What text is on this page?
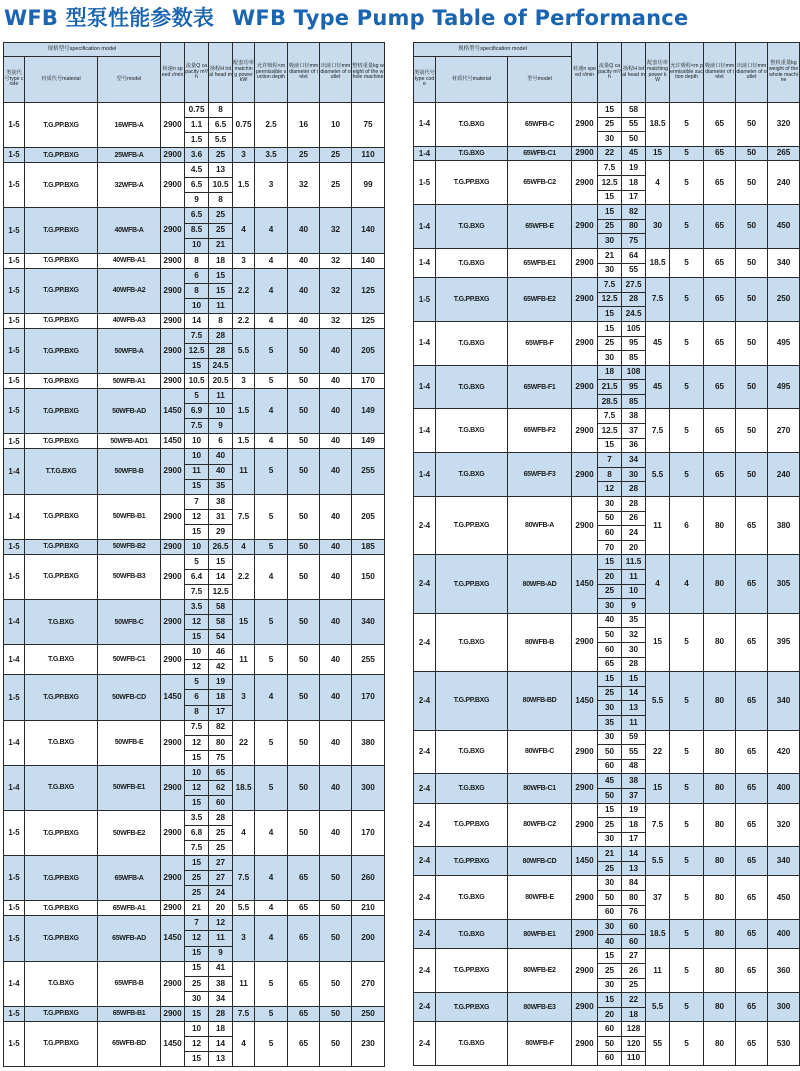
WFB 型泵性能参数表 WFB Type Pump Table of Performance
规格型号specification model			转速n speed r/min	流量Q capacity m³/h	扬程H total head m	配套功率matching power kW	允许吸程<m permissible suction depth	吸液口径mm diameter of inlet	出液口径mm diameter of outlet	整机重量kg weight of the whole machine
类别代号type code	材质代号material	型号model								
1-5	T.G.PP.BXG	16WFB-A	2900	0.75	8	0.75	2.5	16	10	75
				1.1	6.5					
				1.5	5.5					
1-5	T.G.PP.BXG	25WFB-A	2900	3.6	25	3	3.5	25	25	110
1-5	T.G.PP.BXG	32WFB-A	2900	4.5	13	1.5	3	32	25	99
				6.5	10.5					
				9	8					
1-5	T.G.PP.BXG	40WFB-A	2900	6.5	25	4	4	40	32	140
				8.5	25					
				10	21					
1-5	T.G.PP.BXG	40WFB-A1	2900	8	18	3	4	40	32	140
1-5	T.G.PP.BXG	40WFB-A2	2900	6	15	2.2	4	40	32	125
				8	15					
				10	11					
1-5	T.G.PP.BXG	40WFB-A3	2900	14	8	2.2	4	40	32	125
1-5	T.G.PP.BXG	50WFB-A	2900	7.5	28	5.5	5	50	40	205
				12.5	28					
				15	24.5					
1-5	T.G.PP.BXG	50WFB-A1	2900	10.5	20.5	3	5	50	40	170
1-5	T.G.PP.BXG	50WFB-AD	1450	5	11	1.5	4	50	40	149
				6.9	10					
				7.5	9					
1-5	T.G.PP.BXG	50WFB-AD1	1450	10	6	1.5	4	50	40	149
1-4	T.T.G.BXG	50WFB-B	2900	10	40	11	5	50	40	255
				11	40					
				15	35					
1-4	T.G.PP.BXG	50WFB-B1	2900	7	38	7.5	5	50	40	205
				12	31					
				15	29					
1-5	T.G.PP.BXG	50WFB-B2	2900	10	26.5	4	5	50	40	185
1-5	T.G.PP.BXG	50WFB-B3	2900	5	15	2.2	4	50	40	150
				6.4	14					
				7.5	12.5					
1-4	T.G.BXG	50WFB-C	2900	3.5	58	15	5	50	40	340
				12	58					
				15	54					
1-4	T.G.BXG	50WFB-C1	2900	10	46	11	5	50	40	255
				12	42					
1-5	T.G.PP.BXG	50WFB-CD	1450	5	19	3	4	50	40	170
				6	18					
				8	17					
1-4	T.G.BXG	50WFB-E	2900	7.5	82	22	5	50	40	380
				12	80					
				15	75					
1-4	T.G.BXG	50WFB-E1	2900	10	65	18.5	5	50	40	300
				12	62					
				15	60					
1-5	T.G.PP.BXG	50WFB-E2	2900	3.5	28	4	4	50	40	170
				6.8	25					
				7.5	25					
1-5	T.G.PP.BXG	65WFB-A	2900	15	27	7.5	4	65	50	260
				25	27					
				25	24					
1-5	T.G.PP.BXG	65WFB-A1	2900	21	20	5.5	4	65	50	210
1-5	T.G.PP.BXG	65WFB-AD	1450	7	12	3	4	65	50	200
				12	11					
				15	9					
1-4	T.G.BXG	65WFB-B	2900	15	41	11	5	65	50	270
				25	38					
				30	34					
1-5	T.G.PP.BXG	65WFB-B1	2900	15	28	7.5	5	65	50	250
1-5	T.G.PP.BXG	65WFB-BD	1450	10	18	4	5	65	50	230
				12	14					
				15	13					
规格型号specification model			转速n speed r/min	流量Q capacity m³/h	扬程H total head m	配套功率matching power kW	允许吸程<m permissible suction depth	吸液口径mm diameter of inlet	出液口径mm diameter of outlet	整机重量kg weight of the whole machine
类别代号type code	材质代号material	型号model								
1-4	T.G.BXG	65WFB-C	2900	15	58	18.5	5	65	50	320
				25	55					
				30	50					
1-4	T.G.BXG	65WFB-C1	2900	22	45	15	5	65	50	265
1-5	T.G.PP.BXG	65WFB-C2	2900	7.5	19	4	5	65	50	240
				12.5	18					
				15	17					
1-4	T.G.BXG	65WFB-E	2900	15	82	30	5	65	50	450
				25	80					
				30	75					
1-4	T.G.BXG	65WFB-E1	2900	21	64	18.5	5	65	50	340
				30	55					
1-5	T.G.PP.BXG	65WFB-E2	2900	7.5	27.5	7.5	5	65	50	250
				12.5	28					
				15	24.5					
1-4	T.G.BXG	65WFB-F	2900	15	105	45	5	65	50	495
				25	95					
				30	85					
1-4	T.G.BXG	65WFB-F1	2900	18	108	45	5	65	50	495
				21.5	95					
				28.5	85					
1-4	T.G.BXG	65WFB-F2	2900	7.5	38	7.5	5	65	50	270
				12.5	37					
				15	36					
1-4	T.G.BXG	65WFB-F3	2900	7	34	5.5	5	65	50	240
				8	30					
				12	28					
2-4	T.G.PP.BXG	80WFB-A	2900	30	28	11	6	80	65	380
				50	26					
				60	24					
				70	20					
2-4	T.G.PP.BXG	80WFB-AD	1450	15	11.5	4	4	80	65	305
				20	11					
				25	10					
				30	9					
2-4	T.G.BXG	80WFB-B	2900	40	35	15	5	80	65	395
				50	32					
				60	30					
				65	28					
2-4	T.G.PP.BXG	80WFB-BD	1450	15	15	5.5	5	80	65	340
				25	14					
				30	13					
				35	11					
2-4	T.G.BXG	80WFB-C	2900	30	59	22	5	80	65	420
				50	55					
				60	48					
2-4	T.G.BXG	80WFB-C1	2900	45	38	15	5	80	65	400
				50	37					
2-4	T.G.PP.BXG	80WFB-C2	2900	15	19	7.5	5	80	65	320
				25	18					
				30	17					
2-4	T.G.PP.BXG	80WFB-CD	1450	21	14	5.5	5	80	65	340
				25	13					
2-4	T.G.BXG	80WFB-E	2900	30	84	37	5	80	65	450
				50	80					
				60	76					
2-4	T.G.BXG	80WFB-E1	2900	30	60	18.5	5	80	65	400
				40	60					
2-4	T.G.PP.BXG	80WFB-E2	2900	15	27	11	5	80	65	360
				25	26					
				30	25					
2-4	T.G.PP.BXG	80WFB-E3	2900	15	22	5.5	5	80	65	300
				20	18					
2-4	T.G.BXG	80WFB-F	2900	60	128	55	5	80	65	530
				50	120					
				60	110					
